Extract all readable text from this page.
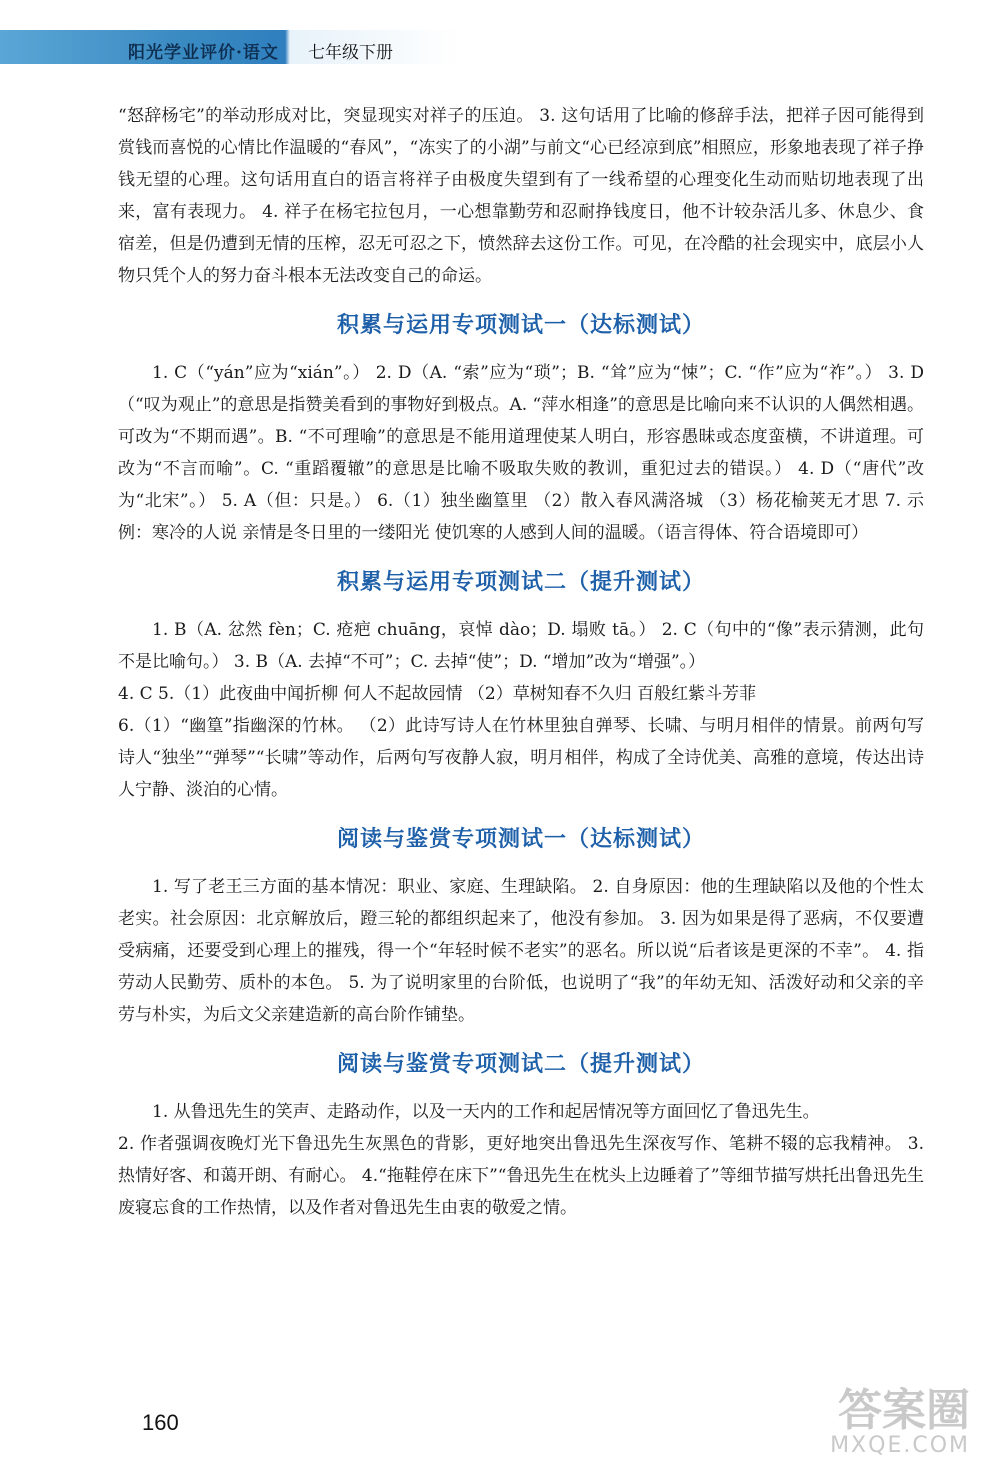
阳光学业评价·语文 七年级下册

“怒辞杨宅”的举动形成对比，突显现实对祥子的压迫。 3. 这句话用了比喻的修辞手法，把祥子因可能得到赏钱而喜悦的心情比作温暖的“春风”，“冻实了的小湖”与前文“心已经凉到底”相照应，形象地表现了祥子挣钱无望的心理。这句话用直白的语言将祥子由极度失望到有了一线希望的心理变化生动而贴切地表现了出来，富有表现力。 4. 祥子在杨宅拉包月，一心想靠勤劳和忍耐挣钱度日，他不计较杂活儿多、休息少、食宿差，但是仍遭到无情的压榨，忍无可忍之下，愤然辞去这份工作。可见，在冷酷的社会现实中，底层小人物只凭个人的努力奋斗根本无法改变自己的命运。

积累与运用专项测试一（达标测试）

1. C（“yán”应为“xián”。） 2. D（A. “索”应为“琐”；B. “耸”应为“悚”；C. “作”应为“祚”。） 3. D（“叹为观止”的意思是指赞美看到的事物好到极点。A. “萍水相逢”的意思是比喻向来不认识的人偶然相遇。可改为“不期而遇”。B. “不可理喻”的意思是不能用道理使某人明白，形容愚昧或态度蛮横，不讲道理。可改为“不言而喻”。C. “重蹈覆辙”的意思是比喻不吸取失败的教训，重犯过去的错误。） 4. D（“唐代”改为“北宋”。） 5. A（但：只是。） 6.（1）独坐幽篁里 （2）散入春风满洛城 （3）杨花榆荚无才思 7. 示例：寒冷的人说 亲情是冬日里的一缕阳光 使饥寒的人感到人间的温暖。（语言得体、符合语境即可）

积累与运用专项测试二（提升测试）

1. B（A. 忿然 fèn；C. 疮疤 chuāng，哀悼 dào；D. 塌败 tā。） 2. C（句中的“像”表示猜测，此句不是比喻句。） 3. B（A. 去掉“不可”；C. 去掉“使”；D. “增加”改为“增强”。）
4. C 5.（1）此夜曲中闻折柳 何人不起故园情 （2）草树知春不久归 百般红紫斗芳菲
6.（1）“幽篁”指幽深的竹林。 （2）此诗写诗人在竹林里独自弹琴、长啸、与明月相伴的情景。前两句写诗人“独坐”“弹琴”“长啸”等动作，后两句写夜静人寂，明月相伴，构成了全诗优美、高雅的意境，传达出诗人宁静、淡泊的心情。

阅读与鉴赏专项测试一（达标测试）

1. 写了老王三方面的基本情况：职业、家庭、生理缺陷。 2. 自身原因：他的生理缺陷以及他的个性太老实。社会原因：北京解放后，蹬三轮的都组织起来了，他没有参加。 3. 因为如果是得了恶病，不仅要遭受病痛，还要受到心理上的摧残，得一个“年轻时候不老实”的恶名。所以说“后者该是更深的不幸”。 4. 指劳动人民勤劳、质朴的本色。 5. 为了说明家里的台阶低，也说明了“我”的年幼无知、活泼好动和父亲的辛劳与朴实，为后文父亲建造新的高台阶作铺垫。

阅读与鉴赏专项测试二（提升测试）

1. 从鲁迅先生的笑声、走路动作，以及一天内的工作和起居情况等方面回忆了鲁迅先生。
2. 作者强调夜晚灯光下鲁迅先生灰黑色的背影，更好地突出鲁迅先生深夜写作、笔耕不辍的忘我精神。 3. 热情好客、和蔼开朗、有耐心。 4.“拖鞋停在床下”“鲁迅先生在枕头上边睡着了”等细节描写烘托出鲁迅先生废寝忘食的工作热情，以及作者对鲁迅先生由衷的敬爱之情。

160	答案圈
MXQE.COM
